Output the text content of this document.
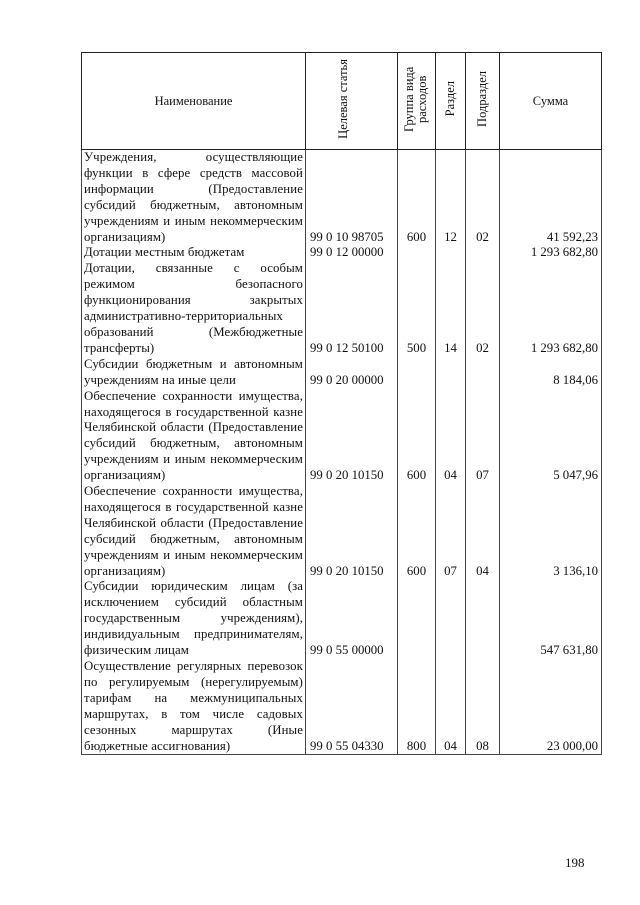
Наименование	Целевая статья	Группа вида расходов	Раздел	Подраздел	Сумма
Учреждения, осуществляющие функции в сфере средств массовой информации (Предоставление субсидий бюджетным, автономным учреждениям и иным некоммерческим организациям)	99 0 10 98705	600	12	02	41 592,23
Дотации местным бюджетам	99 0 12 00000				1 293 682,80
Дотации, связанные с особым режимом безопасного функционирования закрытых административно-территориальных образований (Межбюджетные трансферты)	99 0 12 50100	500	14	02	1 293 682,80
Субсидии бюджетным и автономным учреждениям на иные цели	99 0 20 00000				8 184,06
Обеспечение сохранности имущества, находящегося в государственной казне Челябинской области (Предоставление субсидий бюджетным, автономным учреждениям и иным некоммерческим организациям)	99 0 20 10150	600	04	07	5 047,96
Обеспечение сохранности имущества, находящегося в государственной казне Челябинской области (Предоставление субсидий бюджетным, автономным учреждениям и иным некоммерческим организациям)	99 0 20 10150	600	07	04	3 136,10
Субсидии юридическим лицам (за исключением субсидий областным государственным учреждениям), индивидуальным предпринимателям, физическим лицам	99 0 55 00000				547 631,80
Осуществление регулярных перевозок по регулируемым (нерегулируемым) тарифам на межмуниципальных маршрутах, в том числе садовых сезонных маршрутах (Иные бюджетные ассигнования)	99 0 55 04330	800	04	08	23 000,00
198
